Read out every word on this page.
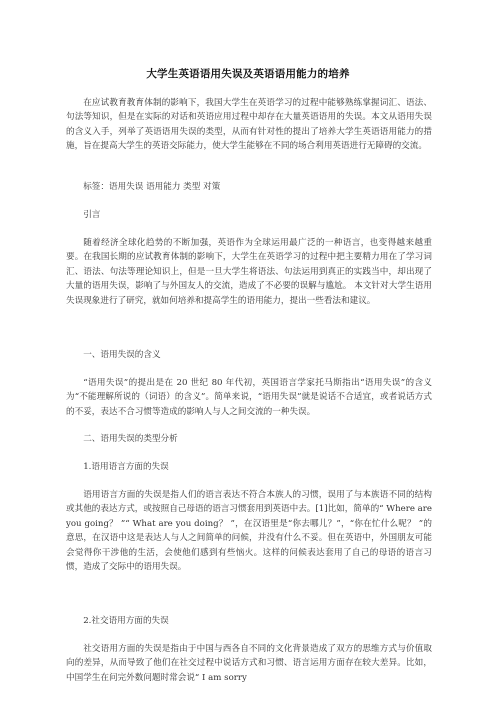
大学生英语语用失误及英语语用能力的培养

在应试教育教育体制的影响下，我国大学生在英语学习的过程中能够熟练掌握词汇、语法、句法等知识，但是在实际的对话和英语应用过程中却存在大量英语语用的失误。本文从语用失误的含义入手，列举了英语语用失误的类型，从而有针对性的提出了培养大学生英语语用能力的措施，旨在提高大学生的英语交际能力，使大学生能够在不同的场合利用英语进行无障碍的交流。

标签：语用失误 语用能力 类型 对策

引言

随着经济全球化趋势的不断加强，英语作为全球运用最广泛的一种语言，也变得越来越重要。在我国长期的应试教育体制的影响下，大学生在英语学习的过程中把主要精力用在了学习词汇、语法、句法等理论知识上，但是一旦大学生将语法、句法运用到真正的实践当中，却出现了大量的语用失误，影响了与外国友人的交流，造成了不必要的误解与尴尬。 本文针对大学生语用失误现象进行了研究，就如何培养和提高学生的语用能力，提出一些看法和建议。

一、语用失误的含义

“语用失误”的提出是在 20 世纪 80 年代初，英国语言学家托马斯指出“语用失误”的含义为“不能理解所说的（词语）的含义”。简单来说，“语用失误”就是说话不合适宜，或者说话方式的不妥，表达不合习惯等造成的影响人与人之间交流的一种失误。

二、语用失误的类型分析

1.语用语言方面的失误

语用语言方面的失误是指人们的语言表达不符合本族人的习惯，误用了与本族语不同的结构或其他的表达方式，或按照自己母语的语言习惯套用到英语中去。[1]比如，简单的“ Where are you going？ ”“ What are you doing？ ”，在汉语里是“你去哪儿？”，“你在忙什么呢？ ”的意思，在汉语中这是表达人与人之间简单的问候，并没有什么不妥。但在英语中，外国朋友可能会觉得你干涉他的生活，会使他们感到有些恼火。这样的问候表达套用了自己的母语的语言习惯，造成了交际中的语用失误。

2.社交语用方面的失误

社交语用方面的失误是指由于中国与西各自不同的文化背景造成了双方的思维方式与价值取向的差异，从而导致了他们在社交过程中说话方式和习惯、语言运用方面存在较大差异。比如，中国学生在问完外数问题时常会说“ I am sorry
